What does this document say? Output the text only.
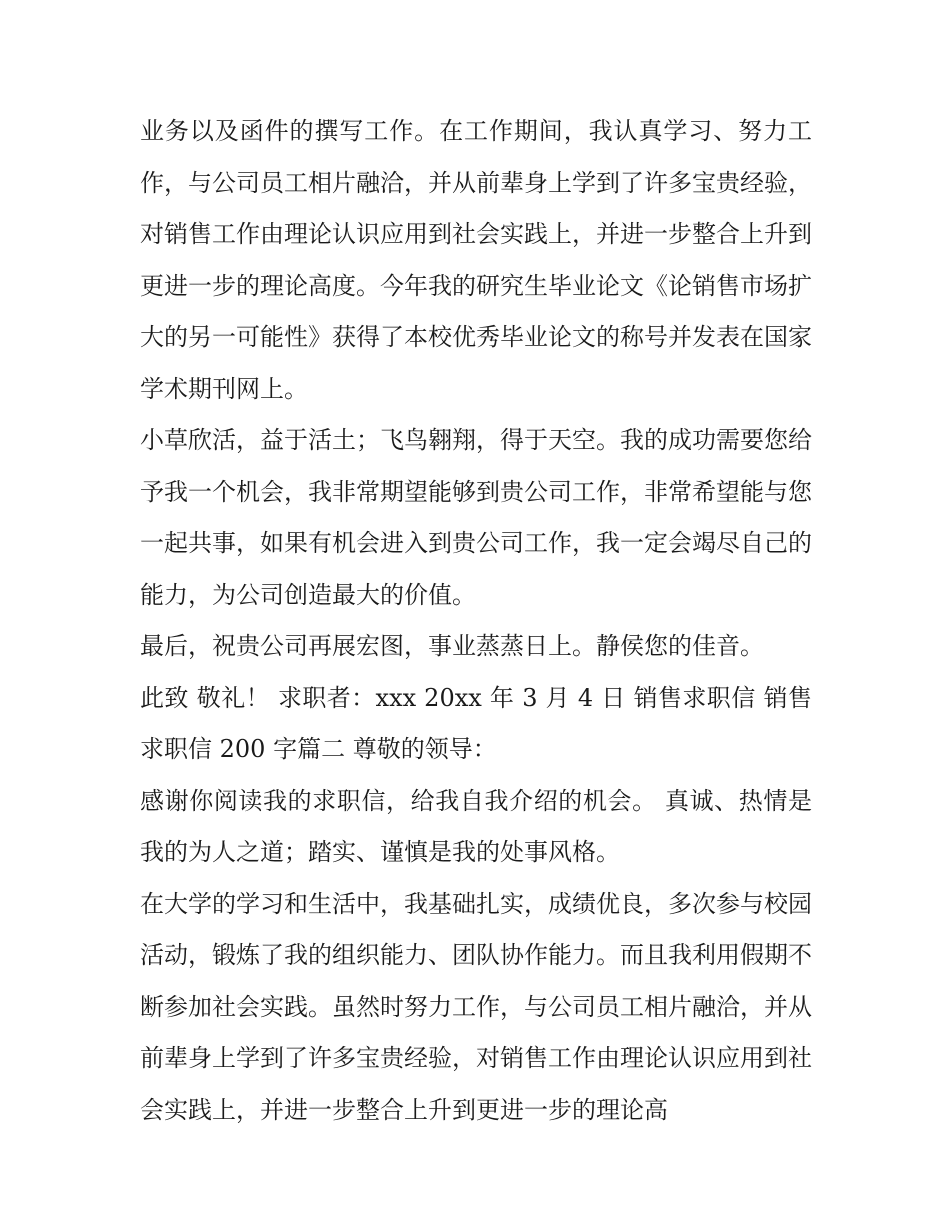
业务以及函件的撰写工作。在工作期间，我认真学习、努力工作，与公司员工相片融洽，并从前辈身上学到了许多宝贵经验，对销售工作由理论认识应用到社会实践上，并进一步整合上升到更进一步的理论高度。今年我的研究生毕业论文《论销售市场扩大的另一可能性》获得了本校优秀毕业论文的称号并发表在国家学术期刊网上。

小草欣活，益于活土；飞鸟翱翔，得于天空。我的成功需要您给予我一个机会，我非常期望能够到贵公司工作，非常希望能与您一起共事，如果有机会进入到贵公司工作，我一定会竭尽自己的能力，为公司创造最大的价值。

最后，祝贵公司再展宏图，事业蒸蒸日上。静侯您的佳音。

此致 敬礼！ 求职者：xxx 20xx 年 3 月 4 日 销售求职信 销售求职信 200 字篇二 尊敬的领导：

感谢你阅读我的求职信，给我自我介绍的机会。 真诚、热情是我的为人之道；踏实、谨慎是我的处事风格。

在大学的学习和生活中，我基础扎实，成绩优良，多次参与校园活动，锻炼了我的组织能力、团队协作能力。而且我利用假期不断参加社会实践。虽然时努力工作，与公司员工相片融洽，并从前辈身上学到了许多宝贵经验，对销售工作由理论认识应用到社会实践上，并进一步整合上升到更进一步的理论高
